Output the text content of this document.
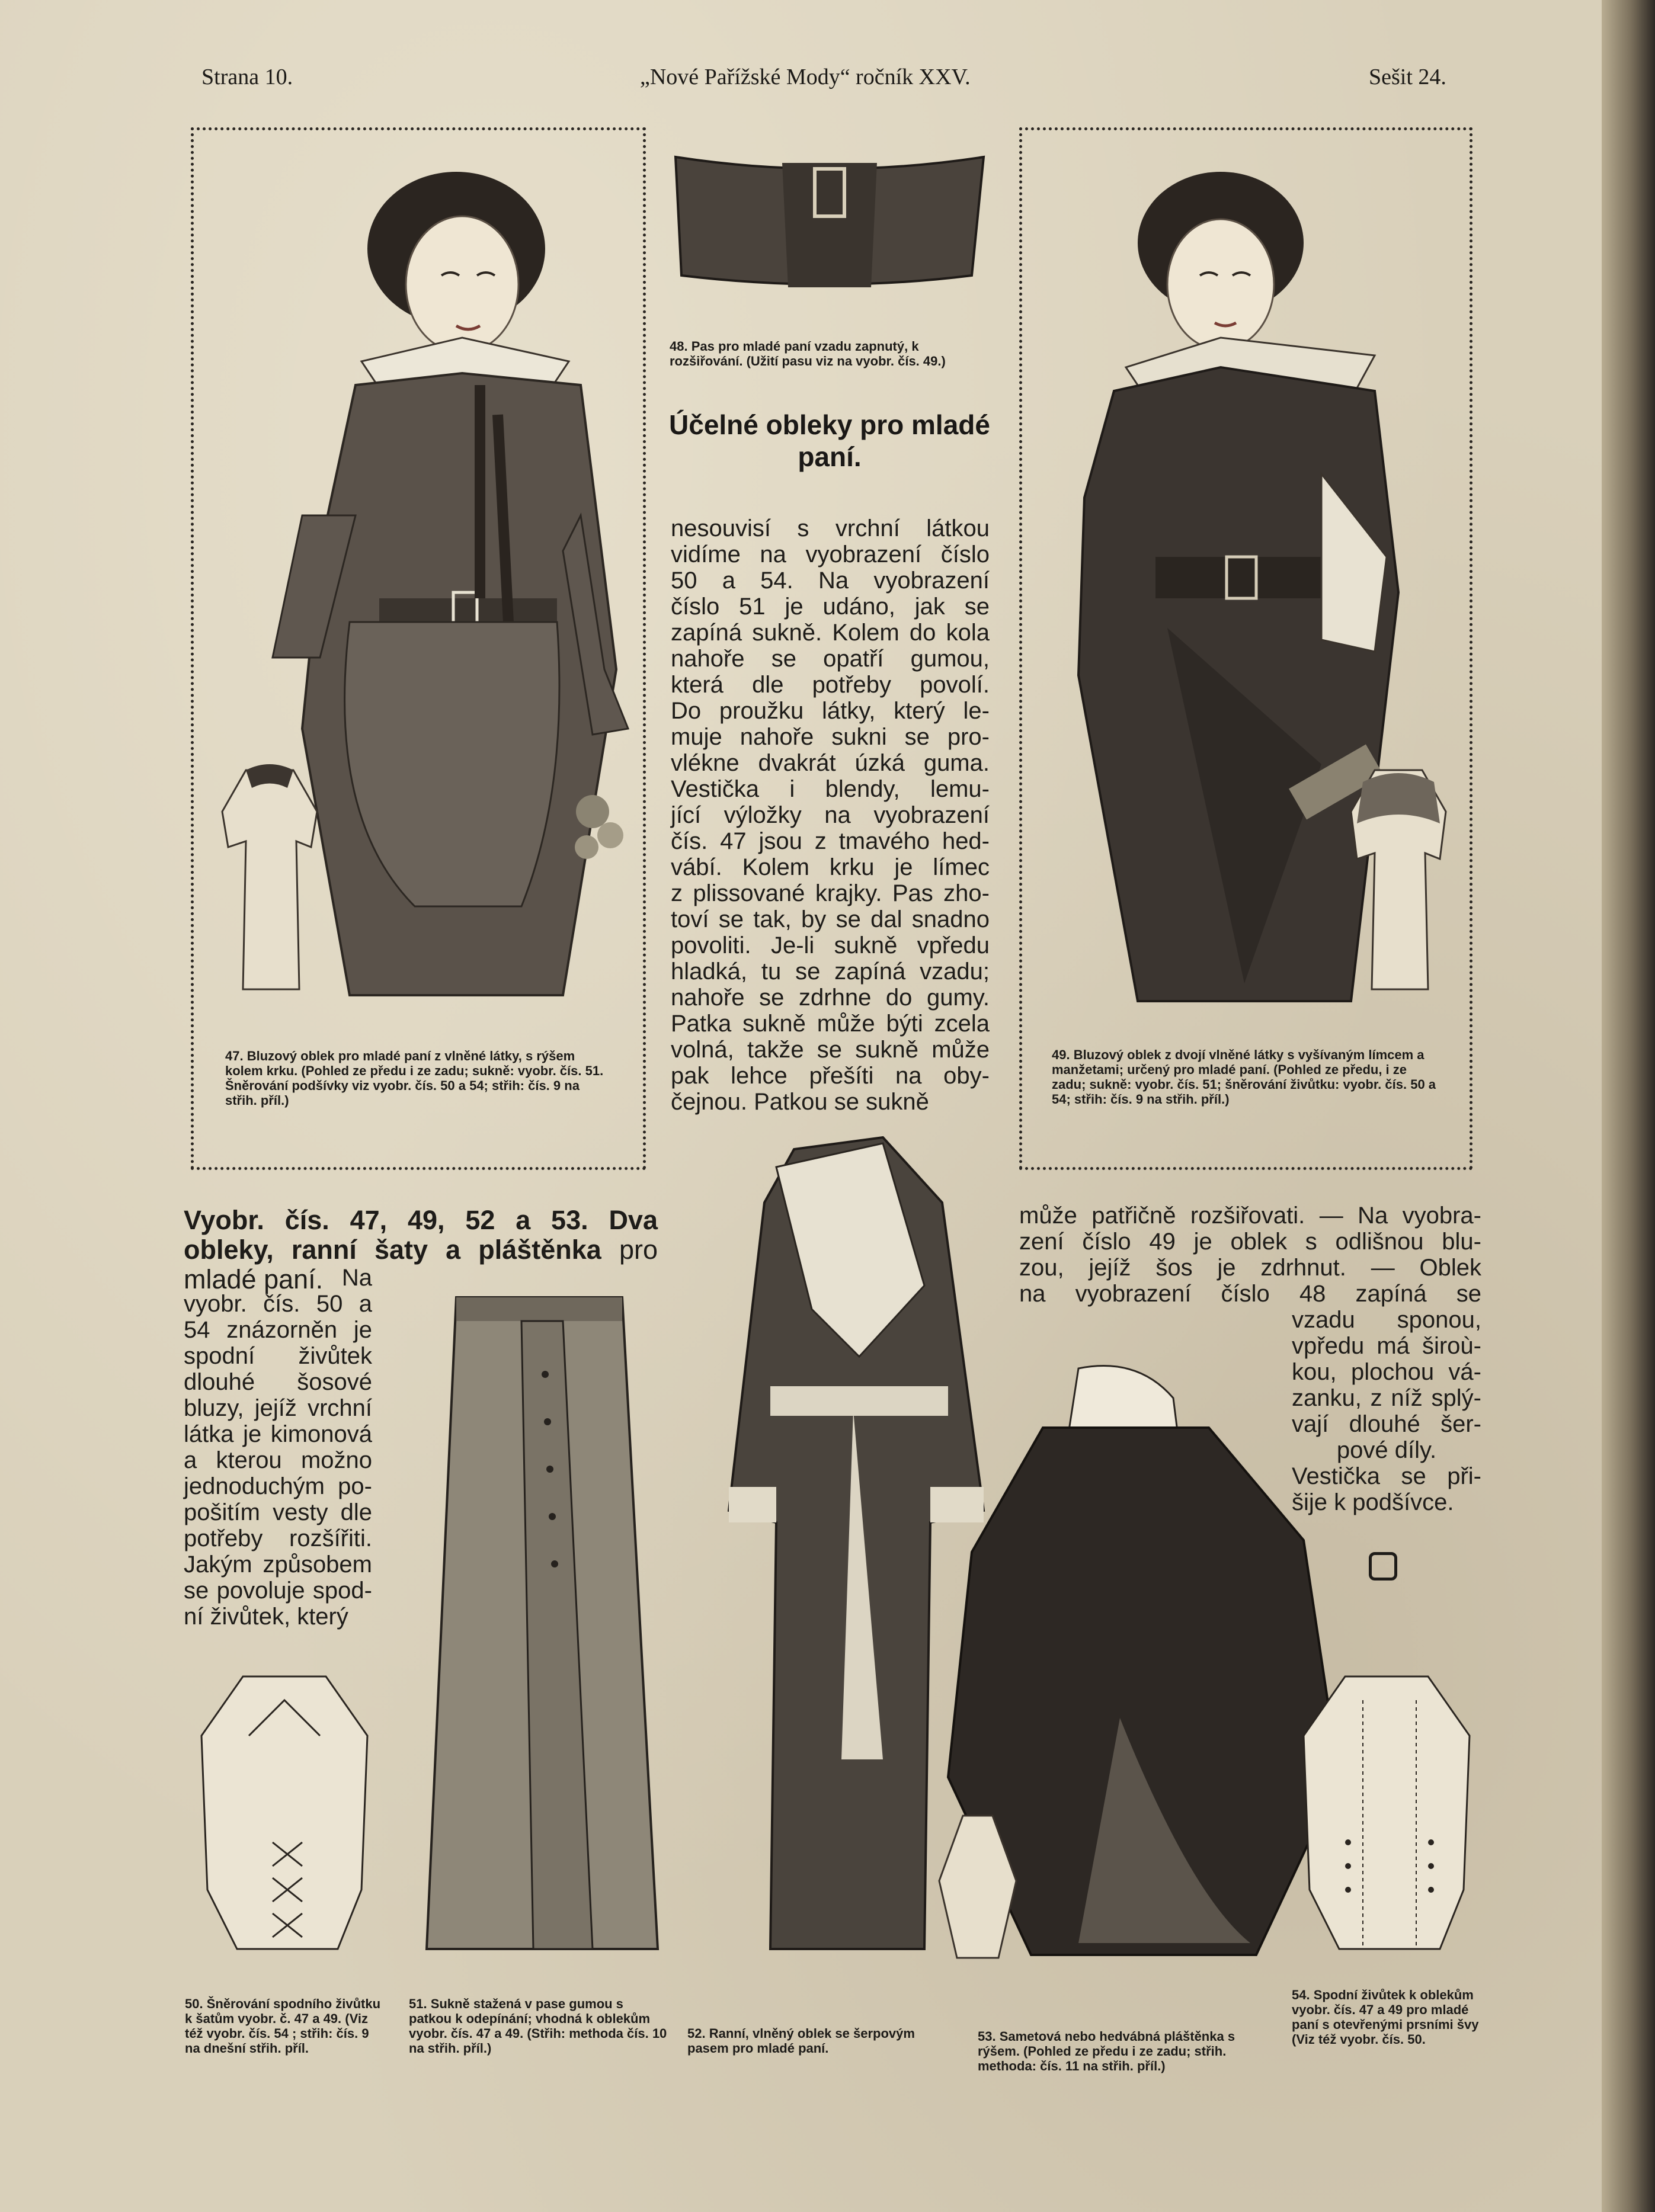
Strana 10.	„Nové Pařížské Mody“ ročník XXV.	Sešit 24.
47. Bluzový oblek pro mladé paní z vlněné látky, s rýšem kolem krku. (Pohled ze předu i ze zadu; sukně: vyobr. čís. 51. Šněrování podšívky viz vyobr. čís. 50 a 54; střih: čís. 9 na střih. příl.)
48. Pas pro mladé paní vzadu zapnutý, k rozšiřování. (Užití pasu viz na vyobr. čís. 49.)
Účelné obleky pro mladé paní.
nesouvisí s vrchní látkou
vidíme na vyobrazení číslo
50 a 54. Na vyobrazení
číslo 51 je udáno, jak se
zapíná sukně. Kolem do kola
nahoře se opatří gumou,
která dle potřeby povolí.
Do proužku látky, který le-
muje nahoře sukni se pro-
vlékne dvakrát úzká guma.
Vestička i blendy, lemu-
jící výložky na vyobrazení
čís. 47 jsou z tmavého hed-
vábí. Kolem krku je límec
z plissované krajky. Pas zho-
toví se tak, by se dal snadno
povoliti. Je-li sukně vpředu
hladká, tu se zapíná vzadu;
nahoře se zdrhne do gumy.
Patka sukně může býti zcela
volná, takže se sukně může
pak lehce přešíti na oby-
čejnou. Patkou se sukně
49. Bluzový oblek z dvojí vlněné látky s vyšívaným límcem a manžetami; určený pro mladé paní. (Pohled ze předu, i ze zadu; sukně: vyobr. čís. 51; šněrování živůtku: vyobr. čís. 50 a 54; střih: čís. 9 na střih. příl.)
Vyobr. čís. 47, 49, 52 a 53. Dva obleky, ranní šaty a pláštěnka pro mladé paní. Na
vyobr. čís. 50 a
54 znázorněn je
spodní živůtek
dlouhé šosové
bluzy, jejíž vrchní
látka je kimonová
a kterou možno
jednoduchým po-
pošitím vesty dle
potřeby rozšířiti.
Jakým způsobem
se povoluje spod-
ní živůtek, který
51. Sukně stažená v pase gumou s patkou k odepínání; vhodná k oblekům vyobr. čís. 47 a 49. (Střih: methoda čís. 10 na střih. příl.)
52. Ranní, vlněný oblek se šerpovým pasem pro mladé paní.
53. Sametová nebo hedvábná pláštěnka s rýšem. (Pohled ze předu i ze zadu; střih. methoda: čís. 11 na střih. příl.)
může patřičně rozšiřovati. — Na vyobra-
zení číslo 49 je oblek s odlišnou blu-
zou, jejíž šos je zdrhnut. — Oblek
na vyobrazení číslo 48 zapíná se
vzadu sponou,
vpředu má široù-
kou, plochou vá-
zanku, z níž splý-
vají dlouhé šer-
pové díly.
Vestička se při-
šije k podšívce.
50. Šněrování spodního živůtku k šatům vyobr. č. 47 a 49. (Viz též vyobr. čís. 54 ; střih: čís. 9 na dnešní střih. příl.
54. Spodní živůtek k oblekům vyobr. čís. 47 a 49 pro mladé paní s otevřenými prsními švy (Viz též vyobr. čís. 50.
